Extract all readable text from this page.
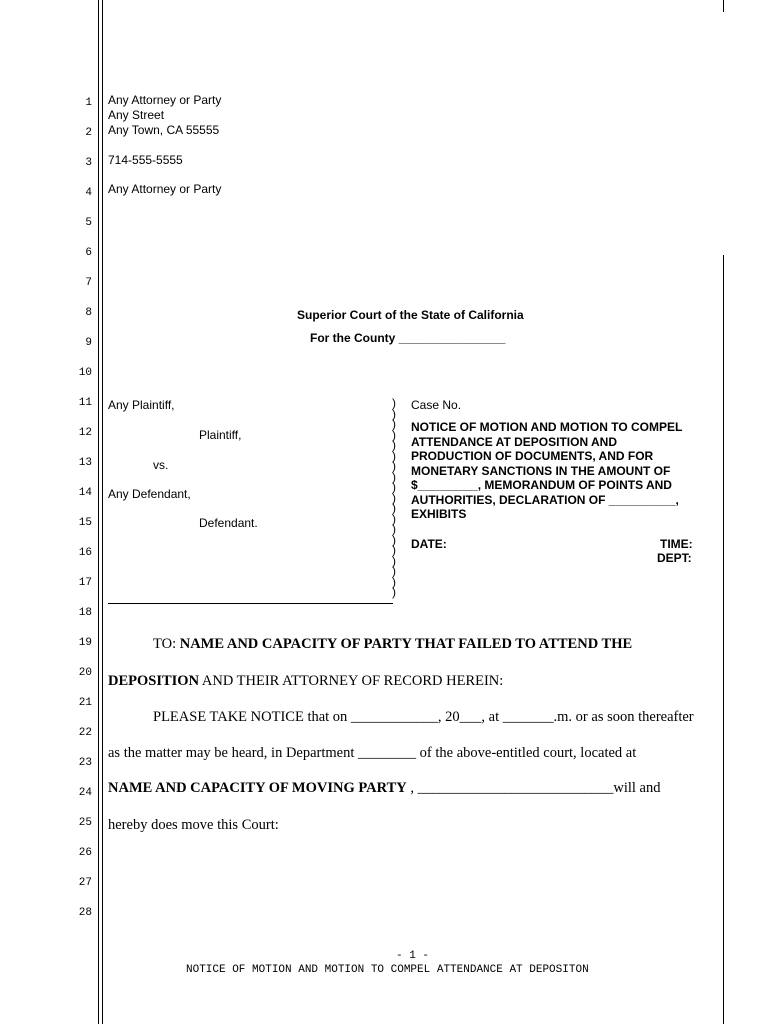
1
2
3
4
5
6
7
8
9
10
11
12
13
14
15
16
17
18
19
20
21
22
23
24
25
26
27
28
Any Attorney or Party
Any Street
Any Town, CA 55555
714-555-5555
Any Attorney or Party
Superior Court of the State of California
For the County ________________
Any Plaintiff,
Plaintiff,
vs.
Any Defendant,
Defendant.
)
)
)
)
)
)
)
)
)
)
)
)
)
)
)
)
)
)
)
Case No.
NOTICE OF MOTION AND MOTION TO COMPEL ATTENDANCE AT DEPOSITION AND PRODUCTION OF DOCUMENTS, AND FOR MONETARY SANCTIONS IN THE AMOUNT OF $_________, MEMORANDUM OF POINTS AND AUTHORITIES, DECLARATION OF __________, EXHIBITS
DATE:	TIME:
DEPT:
TO: NAME AND CAPACITY OF PARTY THAT FAILED TO ATTEND THE
DEPOSITION AND THEIR ATTORNEY OF RECORD HEREIN:
PLEASE TAKE NOTICE that on ____________, 20___, at _______.m. or as soon thereafter
as the matter may be heard, in Department ________ of the above-entitled court, located at
NAME AND CAPACITY OF MOVING PARTY , ___________________________will and
hereby does move this Court:
- 1 -
NOTICE OF MOTION AND MOTION TO COMPEL ATTENDANCE AT DEPOSITON
